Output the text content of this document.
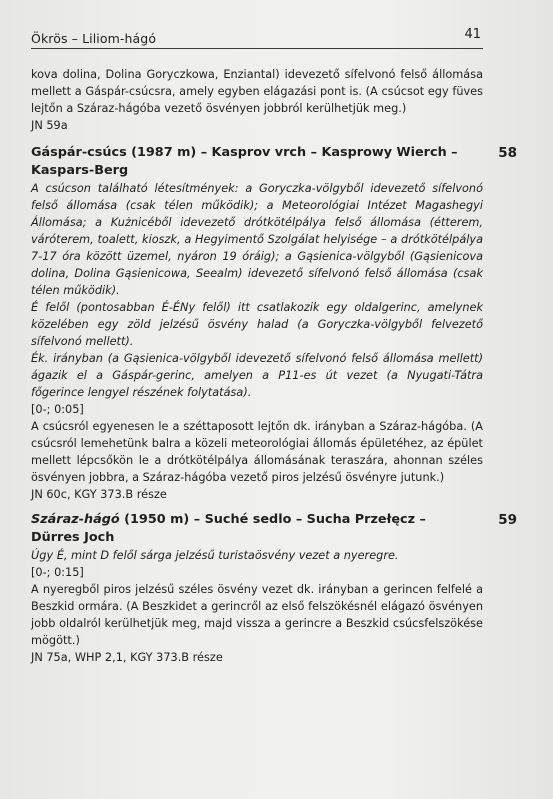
Ökrös – Liliom-hágó	41

kova dolina, Dolina Goryczkowa, Enziantal) idevezető sífelvonó felső állomása mellett a Gáspár-csúcsra, amely egyben elágazási pont is. (A csúcsot egy füves lejtőn a Száraz-hágóba vezető ösvényen jobbról kerülhetjük meg.)

JN 59a

Gáspár-csúcs (1987 m) – Kasprov vrch – Kasprowy Wierch – Kaspars-Berg

58

A csúcson található létesítmények: a Goryczka-völgyből idevezető sífelvonó felső állomása (csak télen működik); a Meteorológiai Intézet Magashegyi Állomása; a Kużnicéből idevezető drótkötélpálya felső állomása (étterem, váróterem, toalett, kioszk, a Hegyimentő Szolgálat helyisége – a drótkötélpálya 7-17 óra között üzemel, nyáron 19 óráig); a Gąsienica-völgyből (Gąsienicova dolina, Dolina Gąsienicowa, Seealm) idevezető sífelvonó felső állomása (csak télen működik).

É felől (pontosabban É-ÉNy felől) itt csatlakozik egy oldalgerinc, amelynek közelében egy zöld jelzésű ösvény halad (a Goryczka-völgyből felvezető sífelvonó mellett).

Ék. irányban (a Gąsienica-völgyből idevezető sífelvonó felső állomása mellett) ágazik el a Gáspár-gerinc, amelyen a P11-es út vezet (a Nyugati-Tátra főgerince lengyel részének folytatása).

[0-; 0:05]

A csúcsról egyenesen le a széttaposott lejtőn dk. irányban a Száraz-hágóba. (A csúcsról lemehetünk balra a közeli meteorológiai állomás épületéhez, az épület mellett lépcsőkön le a drótkötélpálya állomásának teraszára, ahonnan széles ösvényen jobbra, a Száraz-hágóba vezető piros jelzésű ösvényre jutunk.)

JN 60c, KGY 373.B része

Száraz-hágó (1950 m) – Suché sedlo – Sucha Przełęcz – Dürres Joch

59

Úgy É, mint D felől sárga jelzésű turistaösvény vezet a nyeregre.

[0-; 0:15]

A nyeregből piros jelzésű széles ösvény vezet dk. irányban a gerincen felfelé a Beszkid ormára. (A Beszkidet a gerincről az első felszökésnél elágazó ösvényen jobb oldalról kerülhetjük meg, majd vissza a gerincre a Beszkid csúcsfelszökése mögött.)

JN 75a, WHP 2,1, KGY 373.B része
